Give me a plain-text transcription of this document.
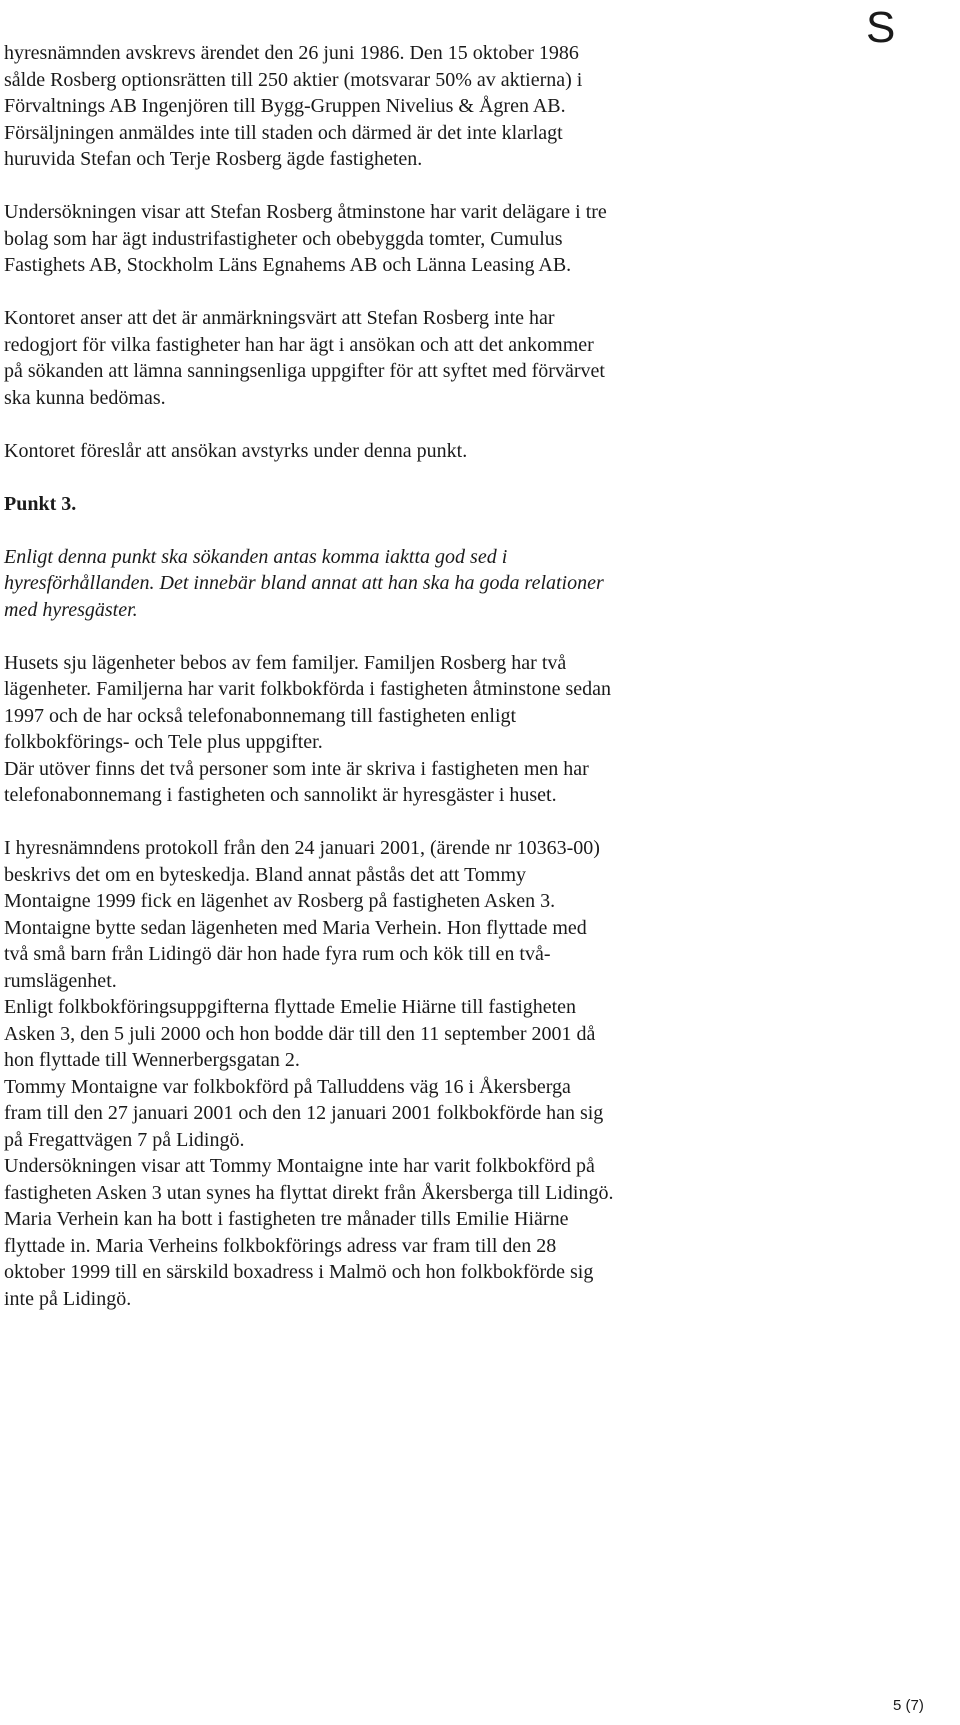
S
hyresnämnden avskrevs ärendet den 26 juni 1986. Den 15 oktober 1986
sålde Rosberg optionsrätten till 250 aktier (motsvarar 50% av aktierna) i
Förvaltnings AB Ingenjören till Bygg-Gruppen Nivelius & Ågren AB.
Försäljningen anmäldes inte till staden och därmed är det inte klarlagt
huruvida Stefan och Terje Rosberg ägde fastigheten.
Undersökningen visar att Stefan Rosberg åtminstone har varit delägare i tre
bolag som har ägt industrifastigheter och obebyggda tomter, Cumulus
Fastighets AB, Stockholm Läns Egnahems AB och Länna Leasing AB.
Kontoret anser att det är anmärkningsvärt att Stefan Rosberg inte har
redogjort för vilka fastigheter han har ägt i ansökan och att det ankommer
på sökanden att lämna sanningsenliga uppgifter för att syftet med förvärvet
ska kunna bedömas.
Kontoret föreslår att ansökan avstyrks under denna punkt.
Punkt 3.
Enligt denna punkt ska sökanden antas komma iaktta god sed i
hyresförhållanden. Det innebär bland annat att han ska ha goda relationer
med hyresgäster.
Husets sju lägenheter bebos av fem familjer. Familjen Rosberg har två
lägenheter. Familjerna har varit folkbokförda i fastigheten åtminstone sedan
1997 och de har också telefonabonnemang till fastigheten enligt
folkbokförings- och Tele plus uppgifter.
Där utöver finns det två personer som inte är skriva i fastigheten men har
telefonabonnemang i fastigheten och sannolikt är hyresgäster i huset.
I hyresnämndens protokoll från den 24 januari 2001, (ärende nr 10363-00)
beskrivs det om en byteskedja. Bland annat påstås det att Tommy
Montaigne 1999 fick en lägenhet av Rosberg på fastigheten Asken 3.
Montaigne bytte sedan lägenheten med Maria Verhein. Hon flyttade med
två små barn från Lidingö där hon hade fyra rum och kök till en två-
rumslägenhet.
Enligt folkbokföringsuppgifterna flyttade Emelie Hiärne till fastigheten
Asken 3, den 5 juli 2000 och hon bodde där till den 11 september 2001 då
hon flyttade till Wennerbergsgatan 2.
Tommy Montaigne var folkbokförd på Talluddens väg 16 i Åkersberga
fram till den 27 januari 2001 och den 12 januari 2001 folkbokförde han sig
på Fregattvägen 7 på Lidingö.
Undersökningen visar att Tommy Montaigne inte har varit folkbokförd på
fastigheten Asken 3 utan synes ha flyttat direkt från Åkersberga till Lidingö.
Maria Verhein kan ha bott i fastigheten tre månader tills Emilie Hiärne
flyttade in. Maria Verheins folkbokförings adress var fram till den 28
oktober 1999 till en särskild boxadress i Malmö och hon folkbokförde sig
inte på Lidingö.
5 (7)
